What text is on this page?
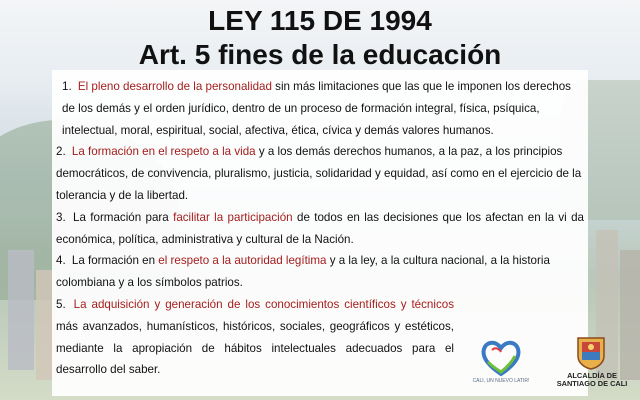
LEY 115 DE 1994
Art. 5 fines de la educación

1. El pleno desarrollo de la personalidad sin más limitaciones que las que le imponen los derechos de los demás y el orden jurídico, dentro de un proceso de formación integral, física, psíquica, intelectual, moral, espiritual, social, afectiva, ética, cívica y demás valores humanos.

2. La formación en el respeto a la vida y a los demás derechos humanos, a la paz, a los principios democráticos, de convivencia, pluralismo, justicia, solidaridad y equidad, así como en el ejercicio de la tolerancia y de la libertad.

3. La formación para facilitar la participación de todos en las decisiones que los afectan en la vi da económica, política, administrativa y cultural de la Nación.

4. La formación en el respeto a la autoridad legítima y a la ley, a la cultura nacional, a la historia colombiana y a los símbolos patrios.

5. La adquisición y generación de los conocimientos científicos y técnicos más avanzados, humanísticos, históricos, sociales, geográficos y estéticos, mediante la apropiación de hábitos intelectuales adecuados para el desarrollo del saber.

CALI, UN NUEVO LATIR!
ALCALDÍA DE
SANTIAGO DE CALI
